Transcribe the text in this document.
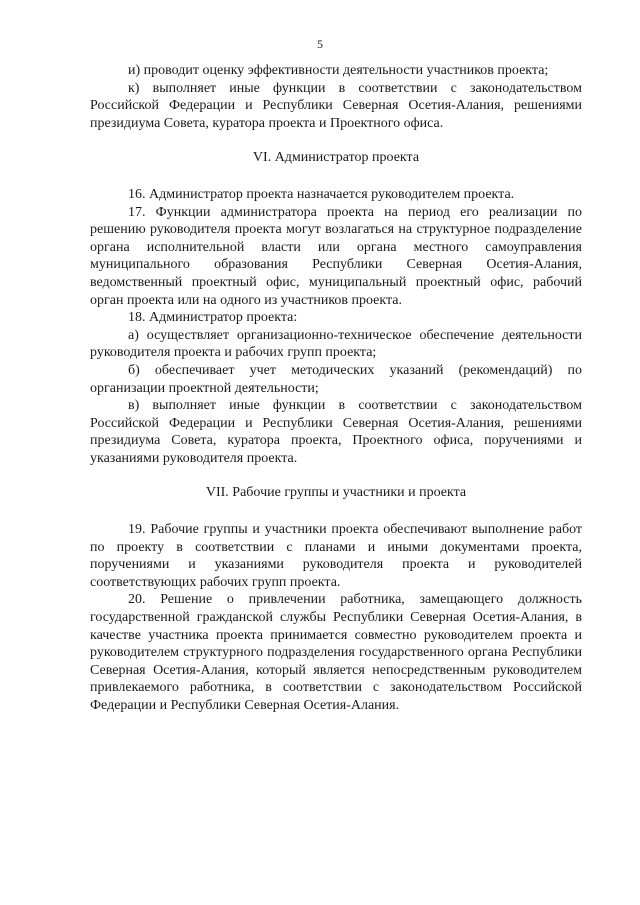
5

и) проводит оценку эффективности деятельности участников проекта;

к) выполняет иные функции в соответствии с законодательством Российской Федерации и Республики Северная Осетия-Алания, решениями президиума Совета, куратора проекта и Проектного офиса.

VI. Администратор проекта

16. Администратор проекта назначается руководителем проекта.

17. Функции администратора проекта на период его реализации по решению руководителя проекта могут возлагаться на структурное подразделение органа исполнительной власти или органа местного самоуправления муниципального образования Республики Северная Осетия-Алания, ведомственный проектный офис, муниципальный проектный офис, рабочий орган проекта или на одного из участников проекта.

18. Администратор проекта:

а) осуществляет организационно-техническое обеспечение деятельности руководителя проекта и рабочих групп проекта;

б) обеспечивает учет методических указаний (рекомендаций) по организации проектной деятельности;

в) выполняет иные функции в соответствии с законодательством Российской Федерации и Республики Северная Осетия-Алания, решениями президиума Совета, куратора проекта, Проектного офиса, поручениями и указаниями руководителя проекта.

VII. Рабочие группы и участники и проекта

19. Рабочие группы и участники проекта обеспечивают выполнение работ по проекту в соответствии с планами и иными документами проекта, поручениями и указаниями руководителя проекта и руководителей соответствующих рабочих групп проекта.

20. Решение о привлечении работника, замещающего должность государственной гражданской службы Республики Северная Осетия-Алания, в качестве участника проекта принимается совместно руководителем проекта и руководителем структурного подразделения государственного органа Республики Северная Осетия-Алания, который является непосредственным руководителем привлекаемого работника, в соответствии с законодательством Российской Федерации и Республики Северная Осетия-Алания.
